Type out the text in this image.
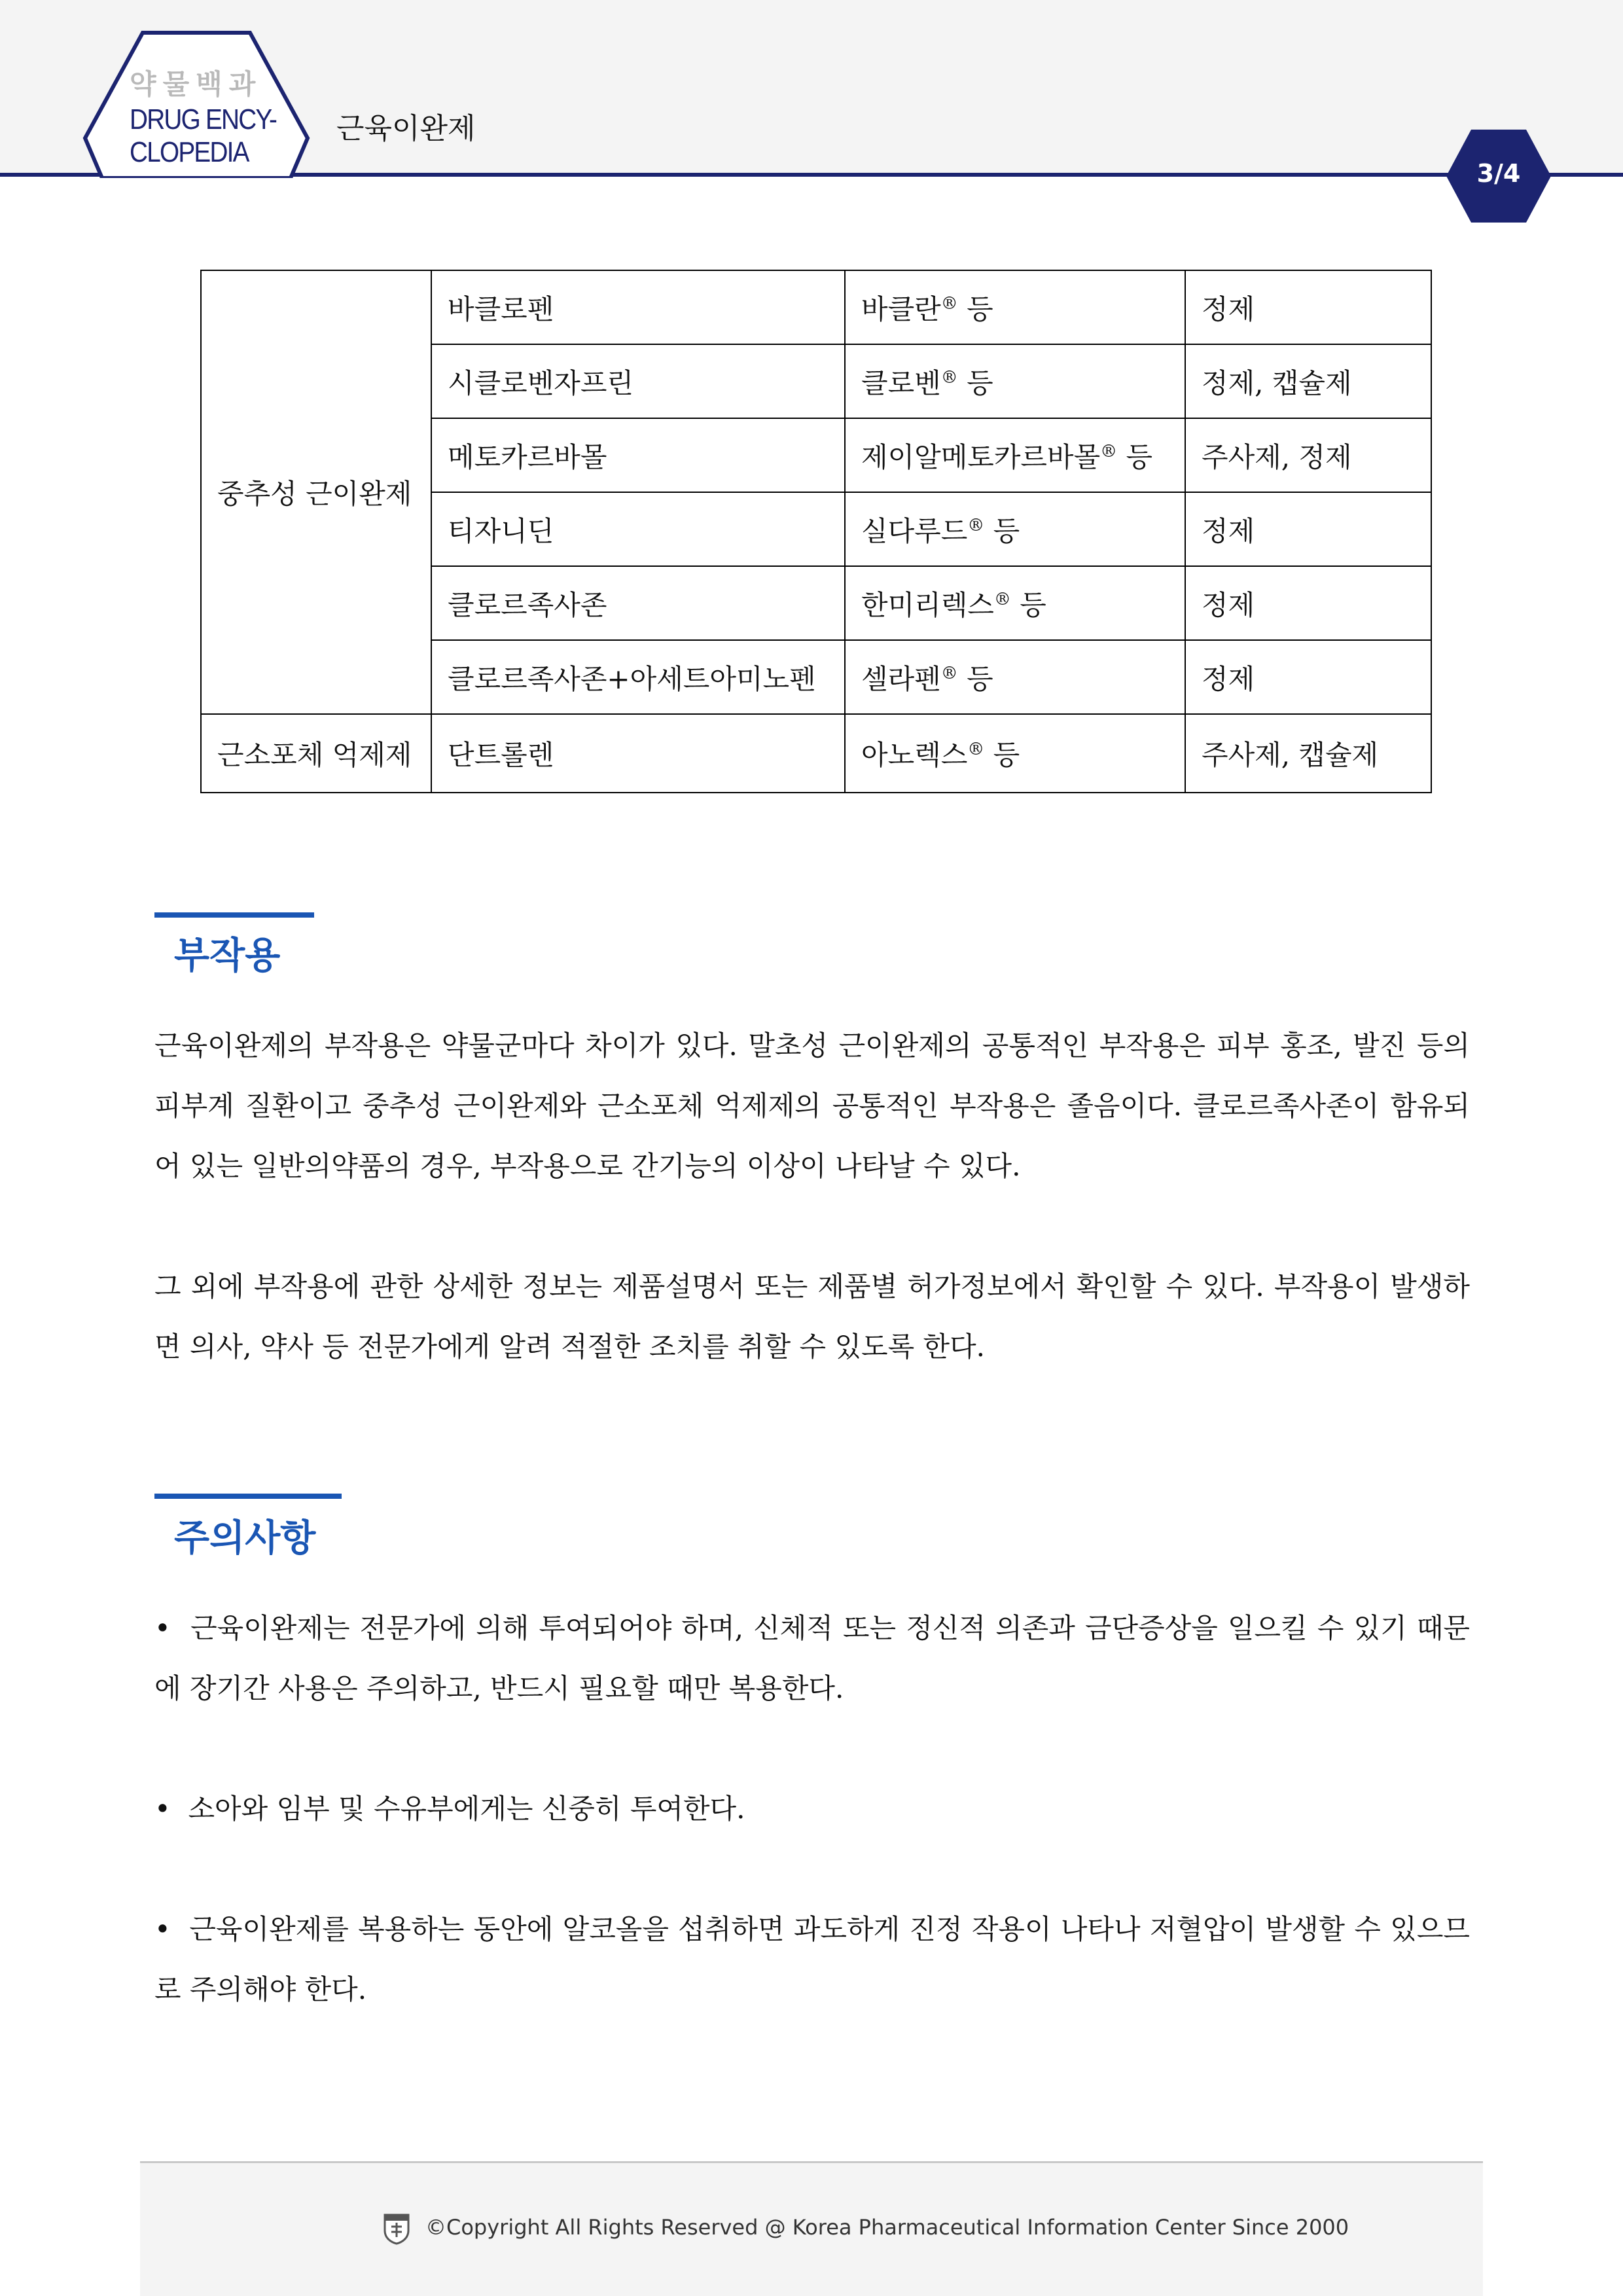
약물백과
DRUG ENCY-
CLOPEDIA
근육이완제
3/4
중추성 근이완제	바클로펜	바클란® 등	정제
	시클로벤자프린	클로벤® 등	정제, 캡슐제
	메토카르바몰	제이알메토카르바몰® 등	주사제, 정제
	티자니딘	실다루드® 등	정제
	클로르족사존	한미리렉스® 등	정제
	클로르족사존+아세트아미노펜	셀라펜® 등	정제
근소포체 억제제	단트롤렌	아노렉스® 등	주사제, 캡슐제
부작용
근육이완제의 부작용은 약물군마다 차이가 있다. 말초성 근이완제의 공통적인 부작용은 피부 홍조, 발진 등의 피부계 질환이고 중추성 근이완제와 근소포체 억제제의 공통적인 부작용은 졸음이다. 클로르족사존이 함유되어 있는 일반의약품의 경우, 부작용으로 간기능의 이상이 나타날 수 있다.
그 외에 부작용에 관한 상세한 정보는 제품설명서 또는 제품별 허가정보에서 확인할 수 있다. 부작용이 발생하면 의사, 약사 등 전문가에게 알려 적절한 조치를 취할 수 있도록 한다.
주의사항
• 근육이완제는 전문가에 의해 투여되어야 하며, 신체적 또는 정신적 의존과 금단증상을 일으킬 수 있기 때문에 장기간 사용은 주의하고, 반드시 필요할 때만 복용한다.
• 소아와 임부 및 수유부에게는 신중히 투여한다.
• 근육이완제를 복용하는 동안에 알코올을 섭취하면 과도하게 진정 작용이 나타나 저혈압이 발생할 수 있으므로 주의해야 한다.
©Copyright All Rights Reserved @ Korea Pharmaceutical Information Center Since 2000
